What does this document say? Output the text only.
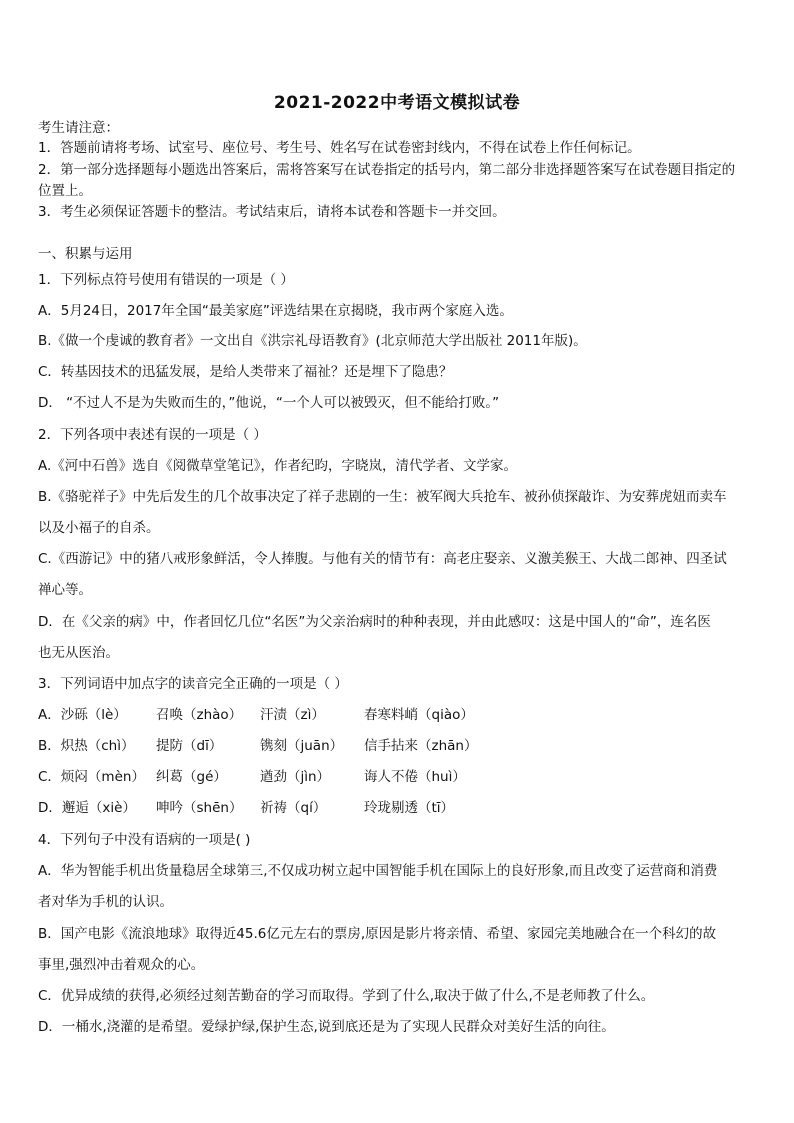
2021-2022中考语文模拟试卷
考生请注意：
1．答题前请将考场、试室号、座位号、考生号、姓名写在试卷密封线内，不得在试卷上作任何标记。
2．第一部分选择题每小题选出答案后，需将答案写在试卷指定的括号内，第二部分非选择题答案写在试卷题目指定的
位置上。
3．考生必须保证答题卡的整洁。考试结束后，请将本试卷和答题卡一并交回。
一、积累与运用
1．下列标点符号使用有错误的一项是（ ）
A．5月24日，2017年全国“最美家庭”评选结果在京揭晓，我市两个家庭入选。
B.《做一个虔诚的教育者》一文出自《洪宗礼母语教育》(北京师范大学出版社 2011年版)。
C．转基因技术的迅猛发展，是给人类带来了福祉？还是埋下了隐患？
D． “不过人不是为失败而生的，”他说，“一个人可以被毁灭，但不能给打败。”
2．下列各项中表述有误的一项是（ ）
A.《河中石兽》选自《阅微草堂笔记》，作者纪昀，字晓岚，清代学者、文学家。
B.《骆驼祥子》中先后发生的几个故事决定了祥子悲剧的一生：被军阀大兵抢车、被孙侦探敲诈、为安葬虎妞而卖车
以及小福子的自杀。
C.《西游记》中的猪八戒形象鲜活，令人捧腹。与他有关的情节有：高老庄娶亲、义激美猴王、大战二郎神、四圣试
禅心等。
D．在《父亲的病》中，作者回忆几位“名医”为父亲治病时的种种表现，并由此感叹：这是中国人的“命”，连名医
也无从医治。
3．下列词语中加点字的读音完全正确的一项是（ ）
A．沙砾（lè） 召唤（zhào） 汗渍（zì）	春寒料峭（qiào）
B．炽热（chì） 提防（dī）	镌刻（juān） 信手拈来（zhān）
C．烦闷（mèn） 纠葛（gé） 遒劲（jìn）	诲人不倦（huì）
D．邂逅（xiè） 呻吟（shēn） 祈祷（qí）	玲珑剔透（tī）
4．下列句子中没有语病的一项是( )
A．华为智能手机出货量稳居全球第三,不仅成功树立起中国智能手机在国际上的良好形象,而且改变了运营商和消费
者对华为手机的认识。
B．国产电影《流浪地球》取得近45.6亿元左右的票房,原因是影片将亲情、希望、家园完美地融合在一个科幻的故
事里,强烈冲击着观众的心。
C．优异成绩的获得,必须经过刻苦勤奋的学习而取得。学到了什么,取决于做了什么,不是老师教了什么。
D．一桶水,浇灌的是希望。爱绿护绿,保护生态,说到底还是为了实现人民群众对美好生活的向往。
